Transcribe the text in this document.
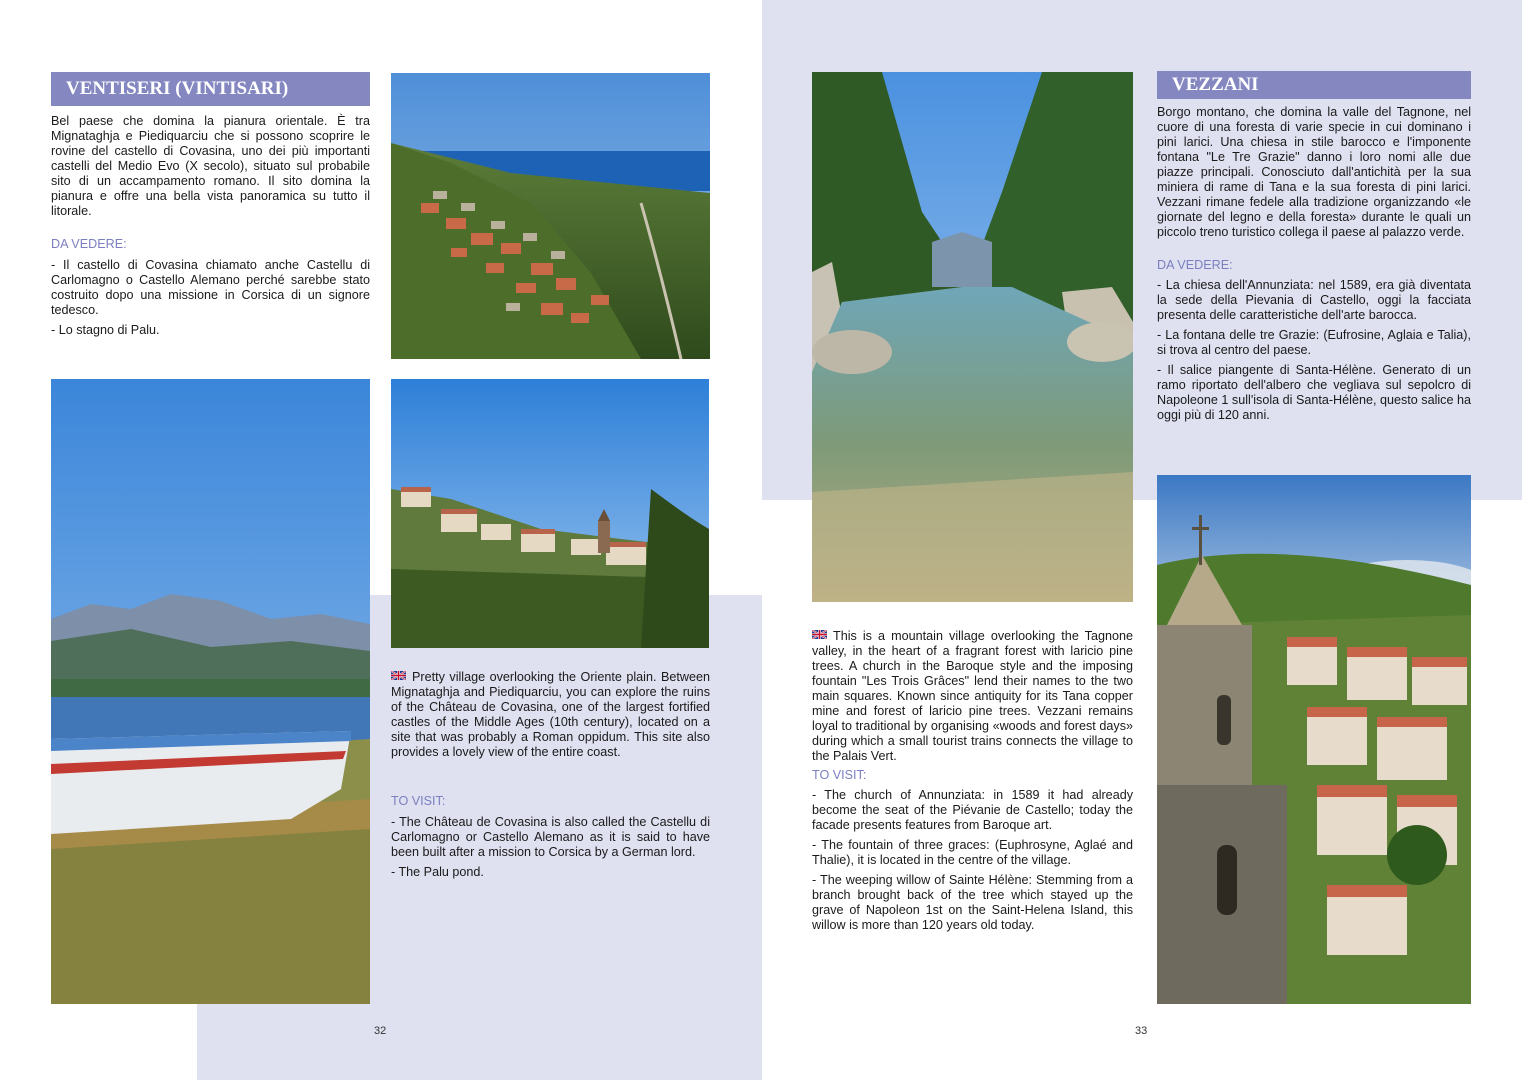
VENTISERI (VINTISARI)

Bel paese che domina la pianura orientale. È tra Mignataghja e Piediquarciu che si possono scoprire le rovine del castello di Covasina, uno dei più importanti castelli del Medio Evo (X secolo), situato sul probabile sito di un accampamento romano. Il sito domina la pianura e offre una bella vista panoramica su tutto il litorale.

DA VEDERE:

- Il castello di Covasina chiamato anche Castellu di Carlomagno o Castello Alemano perché sarebbe stato costruito dopo una missione in Corsica di un signore tedesco.

- Lo stagno di Palu.

Pretty village overlooking the Oriente plain. Between Mignataghja and Piediquarciu, you can explore the ruins of the Château de Covasina, one of the largest fortified castles of the Middle Ages (10th century), located on a site that was probably a Roman oppidum. This site also provides a lovely view of the entire coast.

TO VISIT:

- The Château de Covasina is also called the Castellu di Carlomagno or Castello Alemano as it is said to have been built after a mission to Corsica by a German lord.

- The Palu pond.

32
VEZZANI

Borgo montano, che domina la valle del Tagnone, nel cuore di una foresta di varie specie in cui dominano i pini larici. Una chiesa in stile barocco e l'imponente fontana "Le Tre Grazie" danno i loro nomi alle due piazze principali. Conosciuto dall'antichità per la sua miniera di rame di Tana e la sua foresta di pini larici. Vezzani rimane fedele alla tradizione organizzando «le giornate del legno e della foresta» durante le quali un piccolo treno turistico collega il paese al palazzo verde.

DA VEDERE:

- La chiesa dell'Annunziata: nel 1589, era già diventata la sede della Pievania di Castello, oggi la facciata presenta delle caratteristiche dell'arte barocca.

- La fontana delle tre Grazie: (Eufrosine, Aglaia e Talia), si trova al centro del paese.

- Il salice piangente di Santa-Hélène. Generato di un ramo riportato dell'albero che vegliava sul sepolcro di Napoleone 1 sull'isola di Santa-Hélène, questo salice ha oggi più di 120 anni.

This is a mountain village overlooking the Tagnone valley, in the heart of a fragrant forest with laricio pine trees. A church in the Baroque style and the imposing fountain "Les Trois Grâces" lend their names to the two main squares. Known since antiquity for its Tana copper mine and forest of laricio pine trees. Vezzani remains loyal to traditional by organising «woods and forest days» during which a small tourist trains connects the village to the Palais Vert.

TO VISIT:

- The church of Annunziata: in 1589 it had already become the seat of the Piévanie de Castello; today the facade presents features from Baroque art.

- The fountain of three graces: (Euphrosyne, Aglaé and Thalie), it is located in the centre of the village.

- The weeping willow of Sainte Hélène: Stemming from a branch brought back of the tree which stayed up the grave of Napoleon 1st on the Saint-Helena Island, this willow is more than 120 years old today.

33
